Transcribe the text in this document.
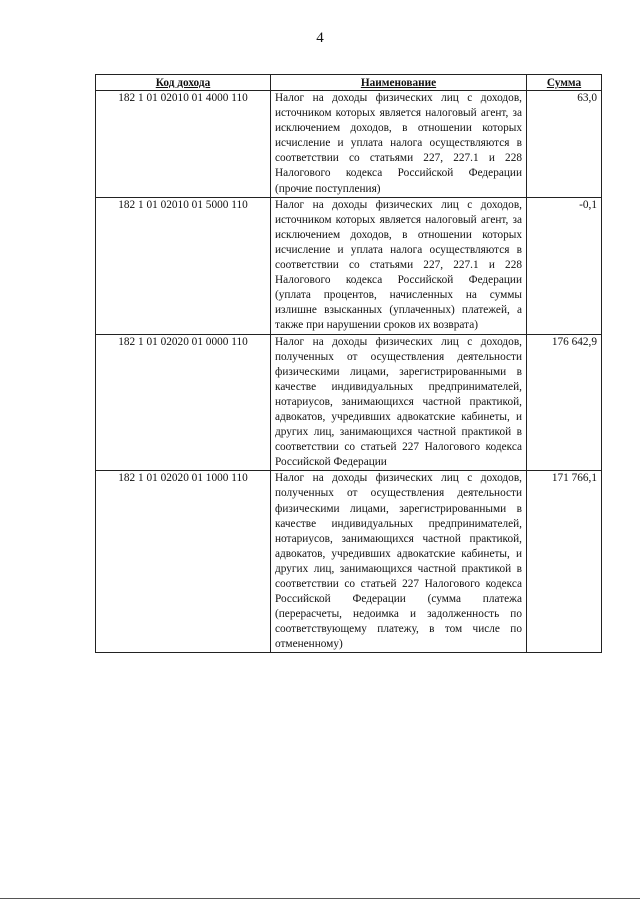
4
Код дохода	Наименование	Сумма
182 1 01 02010 01 4000 110	Налог на доходы физических лиц с доходов, источником которых является налоговый агент, за исключением доходов, в отношении которых исчисление и уплата налога осуществляются в соответствии со статьями 227, 227.1 и 228 Налогового кодекса Российской Федерации (прочие поступления)	63,0
182 1 01 02010 01 5000 110	Налог на доходы физических лиц с доходов, источником которых является налоговый агент, за исключением доходов, в отношении которых исчисление и уплата налога осуществляются в соответствии со статьями 227, 227.1 и 228 Налогового кодекса Российской Федерации (уплата процентов, начисленных на суммы излишне взысканных (уплаченных) платежей, а также при нарушении сроков их возврата)	-0,1
182 1 01 02020 01 0000 110	Налог на доходы физических лиц с доходов, полученных от осуществления деятельности физическими лицами, зарегистрированными в качестве индивидуальных предпринимателей, нотариусов, занимающихся частной практикой, адвокатов, учредивших адвокатские кабинеты, и других лиц, занимающихся частной практикой в соответствии со статьей 227 Налогового кодекса Российской Федерации	176 642,9
182 1 01 02020 01 1000 110	Налог на доходы физических лиц с доходов, полученных от осуществления деятельности физическими лицами, зарегистрированными в качестве индивидуальных предпринимателей, нотариусов, занимающихся частной практикой, адвокатов, учредивших адвокатские кабинеты, и других лиц, занимающихся частной практикой в соответствии со статьей 227 Налогового кодекса Российской Федерации (сумма платежа (перерасчеты, недоимка и задолженность по соответствующему платежу, в том числе по отмененному)	171 766,1
